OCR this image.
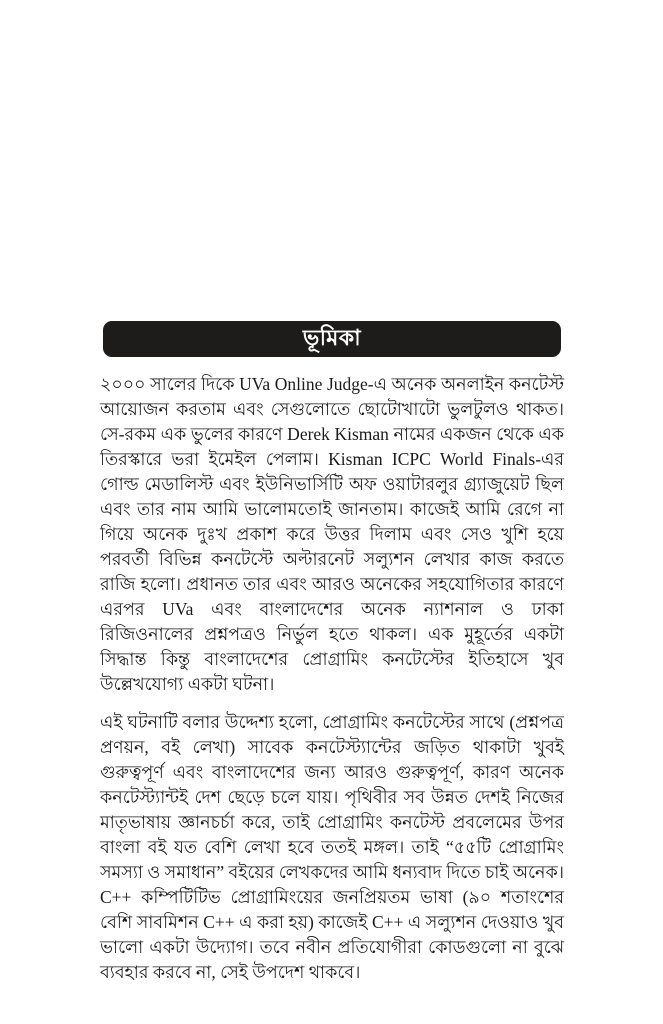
ভূমিকা

২০০০ সালের দিকে UVa Online Judge-এ অনেক অনলাইন কনটেস্ট আয়োজন করতাম এবং সেগুলোতে ছোটোখাটো ভুলটুলও থাকত। সে-রকম এক ভুলের কারণে Derek Kisman নামের একজন থেকে এক তিরস্কারে ভরা ইমেইল পেলাম। Kisman ICPC World Finals-এর গোল্ড মেডালিস্ট এবং ইউনিভার্সিটি অফ ওয়াটারলুর গ্র্যাজুয়েট ছিল এবং তার নাম আমি ভালোমতোই জানতাম। কাজেই আমি রেগে না গিয়ে অনেক দুঃখ প্রকাশ করে উত্তর দিলাম এবং সেও খুশি হয়ে পরবর্তী বিভিন্ন কনটেস্টে অল্টারনেট সল্যুশন লেখার কাজ করতে রাজি হলো। প্রধানত তার এবং আরও অনেকের সহযোগিতার কারণে এরপর UVa এবং বাংলাদেশের অনেক ন্যাশনাল ও ঢাকা রিজিওনালের প্রশ্নপত্রও নির্ভুল হতে থাকল। এক মুহূর্তের একটা সিদ্ধান্ত কিন্তু বাংলাদেশের প্রোগ্রামিং কনটেস্টের ইতিহাসে খুব উল্লেখযোগ্য একটা ঘটনা।

এই ঘটনাটি বলার উদ্দেশ্য হলো, প্রোগ্রামিং কনটেস্টের সাথে (প্রশ্নপত্র প্রণয়ন, বই লেখা) সাবেক কনটেস্ট্যান্টের জড়িত থাকাটা খুবই গুরুত্বপূর্ণ এবং বাংলাদেশের জন্য আরও গুরুত্বপূর্ণ, কারণ অনেক কনটেস্ট্যান্টই দেশ ছেড়ে চলে যায়। পৃথিবীর সব উন্নত দেশই নিজের মাতৃভাষায় জ্ঞানচর্চা করে, তাই প্রোগ্রামিং কনটেস্ট প্রবলেমের উপর বাংলা বই যত বেশি লেখা হবে ততই মঙ্গল। তাই “৫৫টি প্রোগ্রামিং সমস্যা ও সমাধান” বইয়ের লেখকদের আমি ধন্যবাদ দিতে চাই অনেক। C++ কম্পিটিটিভ প্রোগ্রামিংয়ের জনপ্রিয়তম ভাষা (৯০ শতাংশের বেশি সাবমিশন C++ এ করা হয়) কাজেই C++ এ সল্যুশন দেওয়াও খুব ভালো একটা উদ্যোগ। তবে নবীন প্রতিযোগীরা কোডগুলো না বুঝে ব্যবহার করবে না, সেই উপদেশ থাকবে।
